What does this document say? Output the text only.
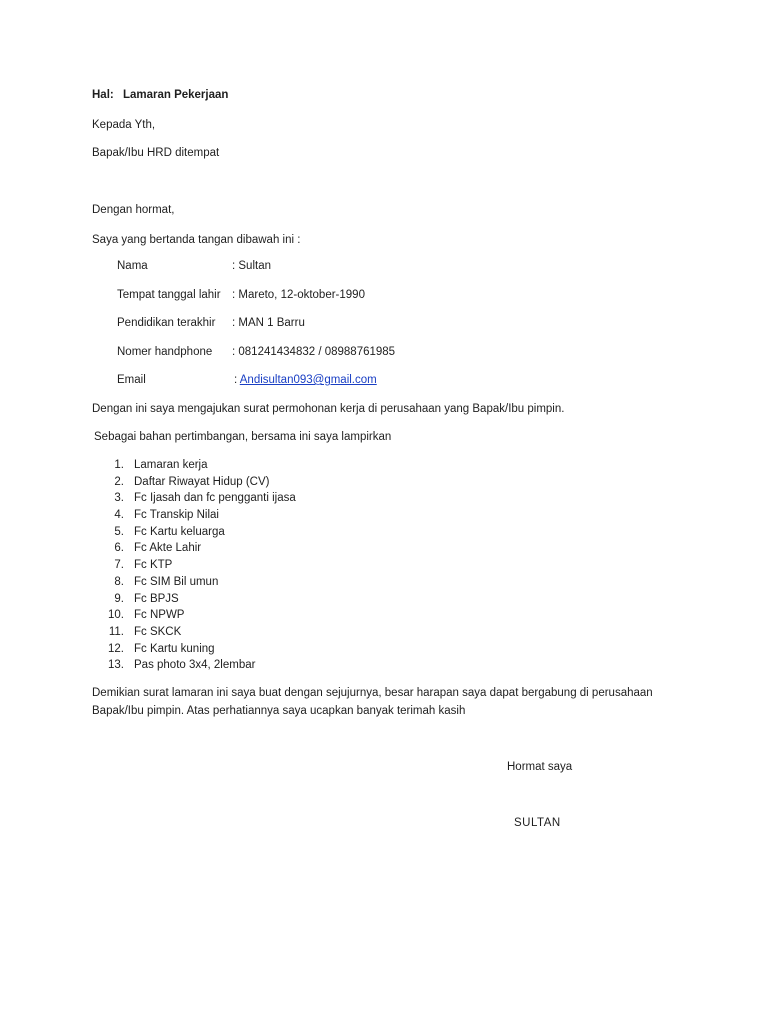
Hal: Lamaran Pekerjaan
Kepada Yth,
Bapak/Ibu HRD ditempat
Dengan hormat,
Saya yang bertanda tangan dibawah ini :
Nama	: Sultan
Tempat tanggal lahir : Mareto, 12-oktober-1990
Pendidikan terakhir : MAN 1 Barru
Nomer handphone : 081241434832 / 08988761985
Email	: Andisultan093@gmail.com
Dengan ini saya mengajukan surat permohonan kerja di perusahaan yang Bapak/Ibu pimpin.
Sebagai bahan pertimbangan, bersama ini saya lampirkan
1. Lamaran kerja
2. Daftar Riwayat Hidup (CV)
3. Fc Ijasah dan fc pengganti ijasa
4. Fc Transkip Nilai
5. Fc Kartu keluarga
6. Fc Akte Lahir
7. Fc KTP
8. Fc SIM Bil umun
9. Fc BPJS
10. Fc NPWP
11. Fc SKCK
12. Fc Kartu kuning
13. Pas photo 3x4, 2lembar
Demikian surat lamaran ini saya buat dengan sejujurnya, besar harapan saya dapat bergabung di perusahaan
Bapak/Ibu pimpin. Atas perhatiannya saya ucapkan banyak terimah kasih
Hormat saya
SULTAN
